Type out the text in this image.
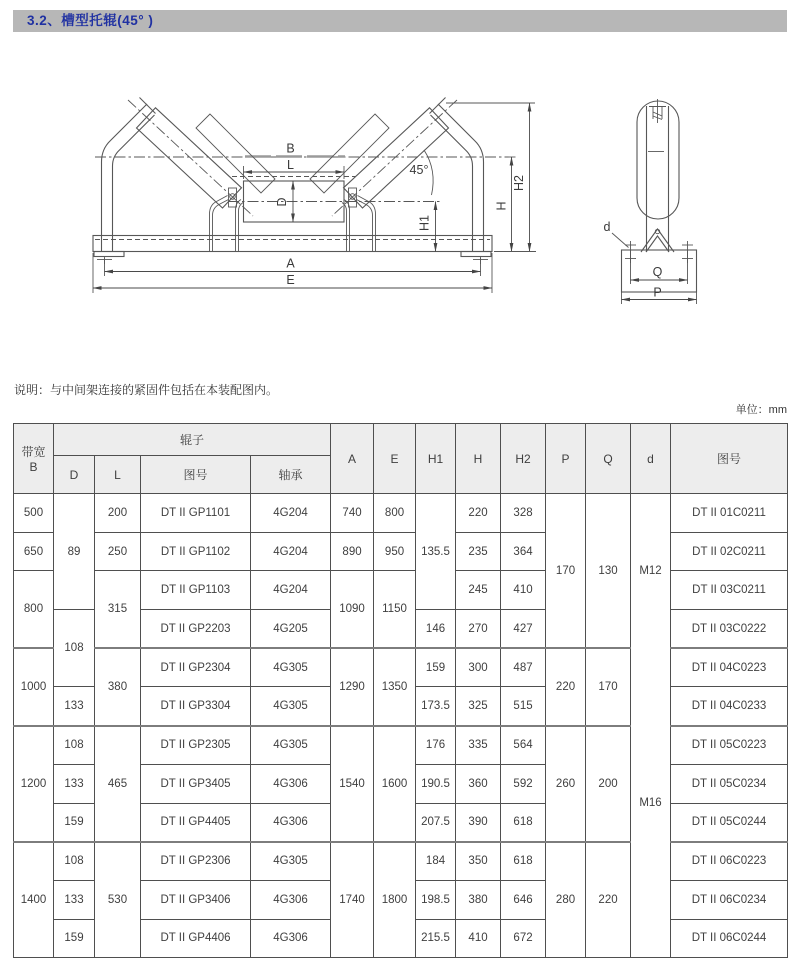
3.2、槽型托辊(45° )
B
L
D
45°
H1
H
H2
A
E
d
Q
P
说明：与中间架连接的紧固件包括在本装配图内。
单位：mm
带宽
B	辊子				A	E	H1	H	H2	P	Q	d	图号
	D	L	图号	轴承									
500	89	200	DT II GP1101	4G204	740	800	135.5	220	328	170	130	M12	DT II 01C0211
650		250	DT II GP1102	4G204	890	950		235	364				DT II 02C0211
800		315	DT II GP1103	4G204	1090	1150		245	410				DT II 03C0211
	108		DT II GP2203	4G205			146	270	427				DT II 03C0222
1000		380	DT II GP2304	4G305	1290	1350	159	300	487	220	170	M16	DT II 04C0223
	133		DT II GP3304	4G305			173.5	325	515				DT II 04C0233
1200	108	465	DT II GP2305	4G305	1540	1600	176	335	564	260	200		DT II 05C0223
	133		DT II GP3405	4G306			190.5	360	592				DT II 05C0234
	159		DT II GP4405	4G306			207.5	390	618				DT II 05C0244
1400	108	530	DT II GP2306	4G305	1740	1800	184	350	618	280	220		DT II 06C0223
	133		DT II GP3406	4G306			198.5	380	646				DT II 06C0234
	159		DT II GP4406	4G306			215.5	410	672				DT II 06C0244
